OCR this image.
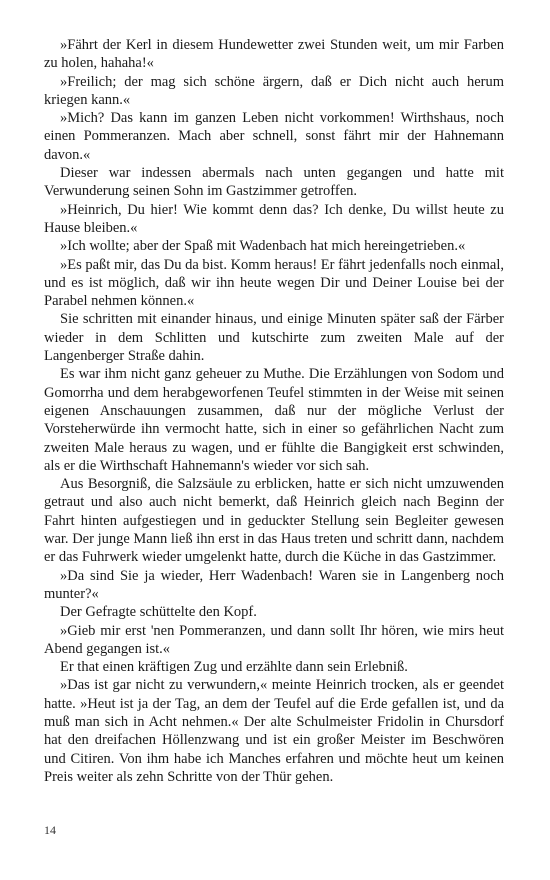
»Fährt der Kerl in diesem Hundewetter zwei Stunden weit, um mir Farben zu holen, hahaha!«

»Freilich; der mag sich schöne ärgern, daß er Dich nicht auch herum kriegen kann.«

»Mich? Das kann im ganzen Leben nicht vorkommen! Wirthshaus, noch einen Pommeranzen. Mach aber schnell, sonst fährt mir der Hahnemann davon.«

Dieser war indessen abermals nach unten gegangen und hatte mit Verwunderung seinen Sohn im Gastzimmer getroffen.

»Heinrich, Du hier! Wie kommt denn das? Ich denke, Du willst heute zu Hause bleiben.«

»Ich wollte; aber der Spaß mit Wadenbach hat mich hereingetrieben.«

»Es paßt mir, das Du da bist. Komm heraus! Er fährt jedenfalls noch einmal, und es ist möglich, daß wir ihn heute wegen Dir und Deiner Louise bei der Parabel nehmen können.«

Sie schritten mit einander hinaus, und einige Minuten später saß der Färber wieder in dem Schlitten und kutschirte zum zweiten Male auf der Langenberger Straße dahin.

Es war ihm nicht ganz geheuer zu Muthe. Die Erzählungen von Sodom und Gomorrha und dem herabgeworfenen Teufel stimmten in der Weise mit seinen eigenen Anschauungen zusammen, daß nur der mögliche Verlust der Vorsteherwürde ihn vermocht hatte, sich in einer so gefährlichen Nacht zum zweiten Male heraus zu wagen, und er fühlte die Bangigkeit erst schwinden, als er die Wirthschaft Hahnemann's wieder vor sich sah.

Aus Besorgniß, die Salzsäule zu erblicken, hatte er sich nicht umzuwenden getraut und also auch nicht bemerkt, daß Heinrich gleich nach Beginn der Fahrt hinten aufgestiegen und in geduckter Stellung sein Begleiter gewesen war. Der junge Mann ließ ihn erst in das Haus treten und schritt dann, nachdem er das Fuhrwerk wieder umgelenkt hatte, durch die Küche in das Gastzimmer.

»Da sind Sie ja wieder, Herr Wadenbach! Waren sie in Langenberg noch munter?«

Der Gefragte schüttelte den Kopf.

»Gieb mir erst 'nen Pommeranzen, und dann sollt Ihr hören, wie mirs heut Abend gegangen ist.«

Er that einen kräftigen Zug und erzählte dann sein Erlebniß.

»Das ist gar nicht zu verwundern,« meinte Heinrich trocken, als er geendet hatte. »Heut ist ja der Tag, an dem der Teufel auf die Erde gefallen ist, und da muß man sich in Acht nehmen.« Der alte Schulmeister Fridolin in Chursdorf hat den dreifachen Höllenzwang und ist ein großer Meister im Beschwören und Citiren. Von ihm habe ich Manches erfahren und möchte heut um keinen Preis weiter als zehn Schritte von der Thür gehen.

14
